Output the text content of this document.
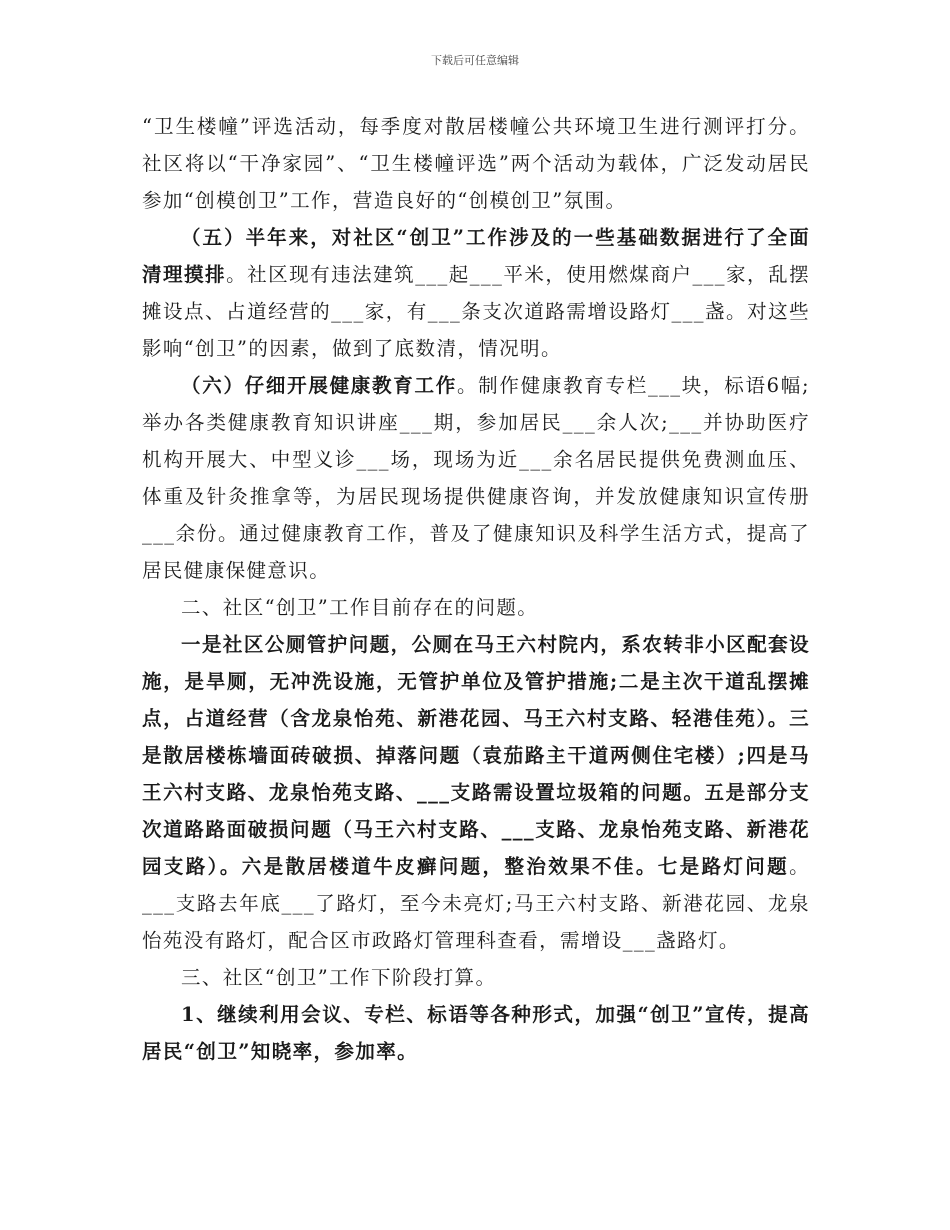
下载后可任意编辑

“卫生楼幢”评选活动，每季度对散居楼幢公共环境卫生进行测评打分。社区将以“干净家园”、“卫生楼幢评选”两个活动为载体，广泛发动居民参加“创模创卫”工作，营造良好的“创模创卫”氛围。

（五）半年来，对社区“创卫”工作涉及的一些基础数据进行了全面清理摸排。社区现有违法建筑___起___平米，使用燃煤商户___家，乱摆摊设点、占道经营的___家，有___条支次道路需增设路灯___盏。对这些影响“创卫”的因素，做到了底数清，情况明。

（六）仔细开展健康教育工作。制作健康教育专栏___块，标语6幅;举办各类健康教育知识讲座___期，参加居民___余人次;___并协助医疗机构开展大、中型义诊___场，现场为近___余名居民提供免费测血压、体重及针灸推拿等，为居民现场提供健康咨询，并发放健康知识宣传册___余份。通过健康教育工作，普及了健康知识及科学生活方式，提高了居民健康保健意识。

二、社区“创卫”工作目前存在的问题。

一是社区公厕管护问题，公厕在马王六村院内，系农转非小区配套设施，是旱厕，无冲洗设施，无管护单位及管护措施;二是主次干道乱摆摊点，占道经营（含龙泉怡苑、新港花园、马王六村支路、轻港佳苑）。三是散居楼栋墙面砖破损、掉落问题（袁茄路主干道两侧住宅楼）;四是马王六村支路、龙泉怡苑支路、___支路需设置垃圾箱的问题。五是部分支次道路路面破损问题（马王六村支路、___支路、龙泉怡苑支路、新港花园支路）。六是散居楼道牛皮癣问题，整治效果不佳。七是路灯问题。___支路去年底___了路灯，至今未亮灯;马王六村支路、新港花园、龙泉怡苑没有路灯，配合区市政路灯管理科查看，需增设___盏路灯。

三、社区“创卫”工作下阶段打算。

1、继续利用会议、专栏、标语等各种形式，加强“创卫”宣传，提高居民“创卫”知晓率，参加率。
